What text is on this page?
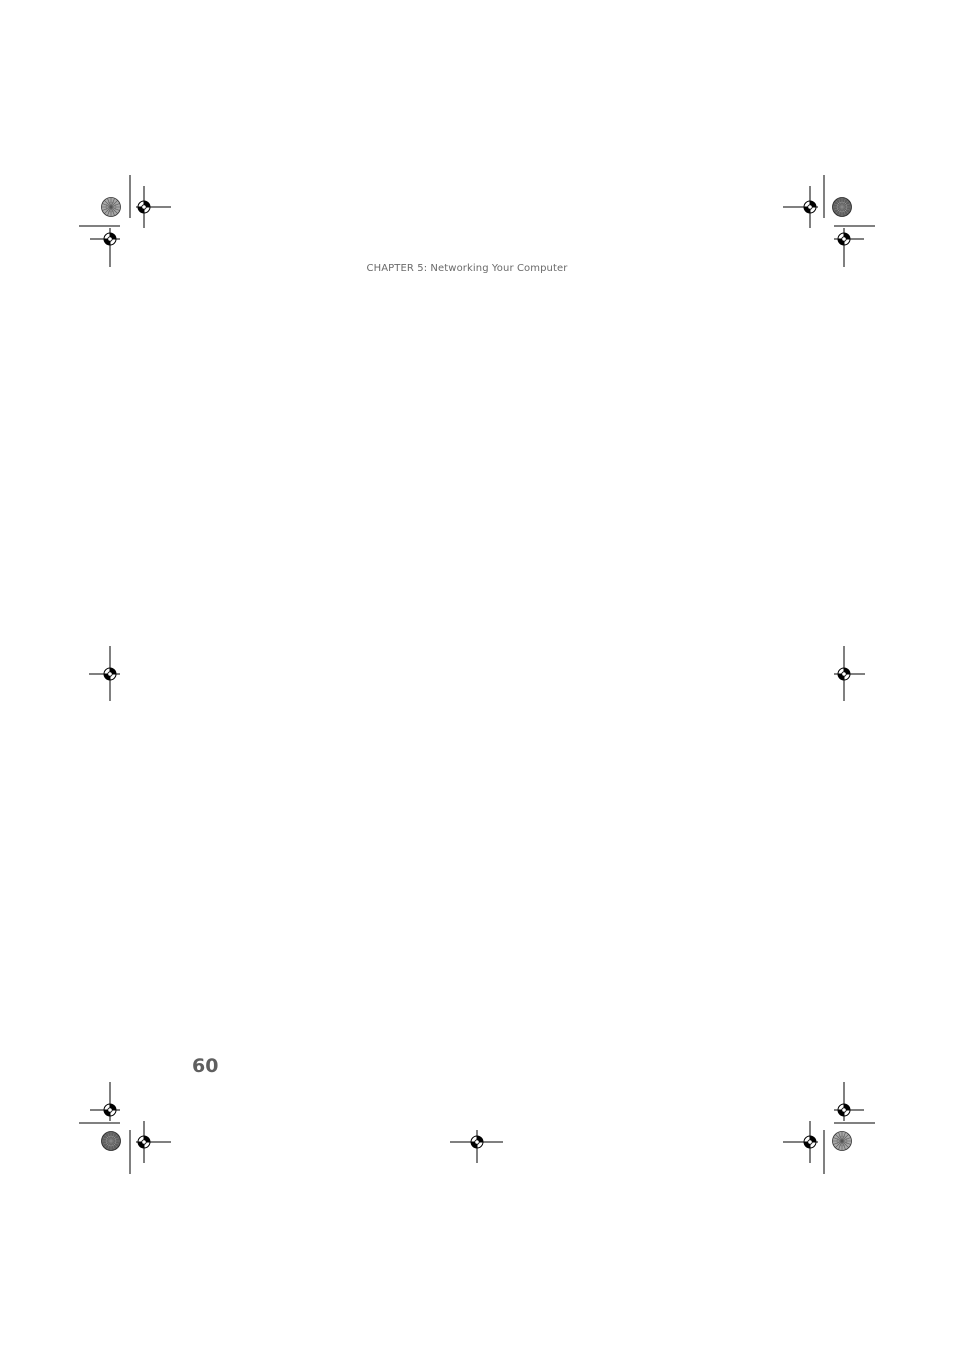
CHAPTER 5: Networking Your Computer
60
